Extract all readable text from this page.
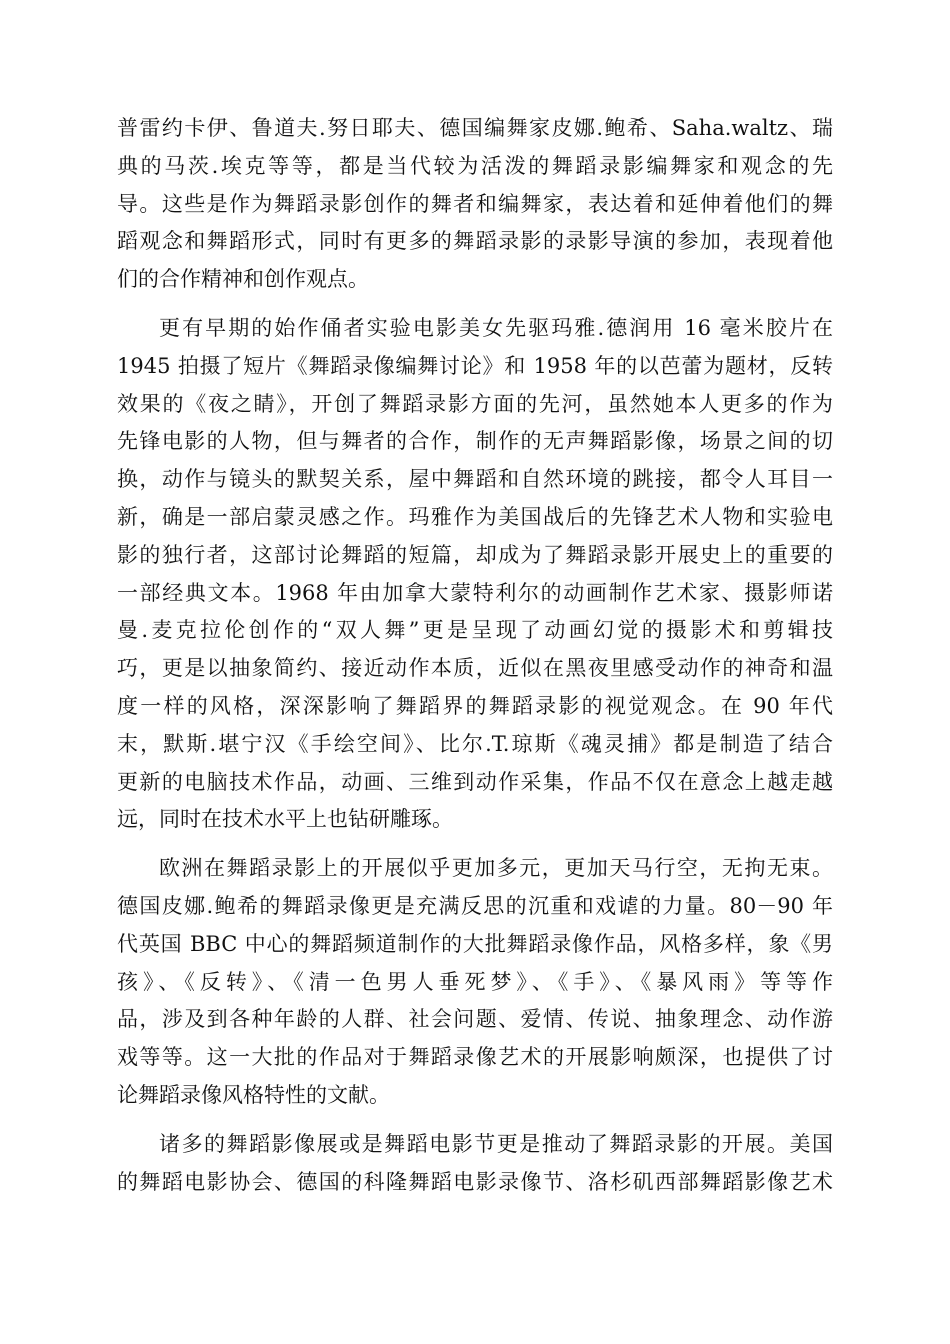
普雷约卡伊、鲁道夫.努日耶夫、德国编舞家皮娜.鲍希、Saha.waltz、瑞
典的马茨.埃克等等，都是当代较为活泼的舞蹈录影编舞家和观念的先
导。这些是作为舞蹈录影创作的舞者和编舞家，表达着和延伸着他们的舞
蹈观念和舞蹈形式，同时有更多的舞蹈录影的录影导演的参加，表现着他
们的合作精神和创作观点。
更有早期的始作俑者实验电影美女先驱玛雅.德润用 16 毫米胶片在
1945 拍摄了短片《舞蹈录像编舞讨论》和 1958 年的以芭蕾为题材，反转
效果的《夜之睛》，开创了舞蹈录影方面的先河，虽然她本人更多的作为
先锋电影的人物，但与舞者的合作，制作的无声舞蹈影像，场景之间的切
换，动作与镜头的默契关系，屋中舞蹈和自然环境的跳接，都令人耳目一
新，确是一部启蒙灵感之作。玛雅作为美国战后的先锋艺术人物和实验电
影的独行者，这部讨论舞蹈的短篇，却成为了舞蹈录影开展史上的重要的
一部经典文本。1968 年由加拿大蒙特利尔的动画制作艺术家、摄影师诺
曼.麦克拉伦创作的“双人舞”更是呈现了动画幻觉的摄影术和剪辑技
巧，更是以抽象简约、接近动作本质，近似在黑夜里感受动作的神奇和温
度一样的风格，深深影响了舞蹈界的舞蹈录影的视觉观念。在 90 年代
末，默斯.堪宁汉《手绘空间》、比尔.T.琼斯《魂灵捕》都是制造了结合
更新的电脑技术作品，动画、三维到动作采集，作品不仅在意念上越走越
远，同时在技术水平上也钻研雕琢。
欧洲在舞蹈录影上的开展似乎更加多元，更加天马行空，无拘无束。
德国皮娜.鲍希的舞蹈录像更是充满反思的沉重和戏谑的力量。80－90 年
代英国 BBC 中心的舞蹈频道制作的大批舞蹈录像作品，风格多样，象《男
孩》、《反转》、《清一色男人垂死梦》、《手》、《暴风雨》等等作
品，涉及到各种年龄的人群、社会问题、爱情、传说、抽象理念、动作游
戏等等。这一大批的作品对于舞蹈录像艺术的开展影响颇深，也提供了讨
论舞蹈录像风格特性的文献。
诸多的舞蹈影像展或是舞蹈电影节更是推动了舞蹈录影的开展。美国
的舞蹈电影协会、德国的科隆舞蹈电影录像节、洛杉矶西部舞蹈影像艺术
